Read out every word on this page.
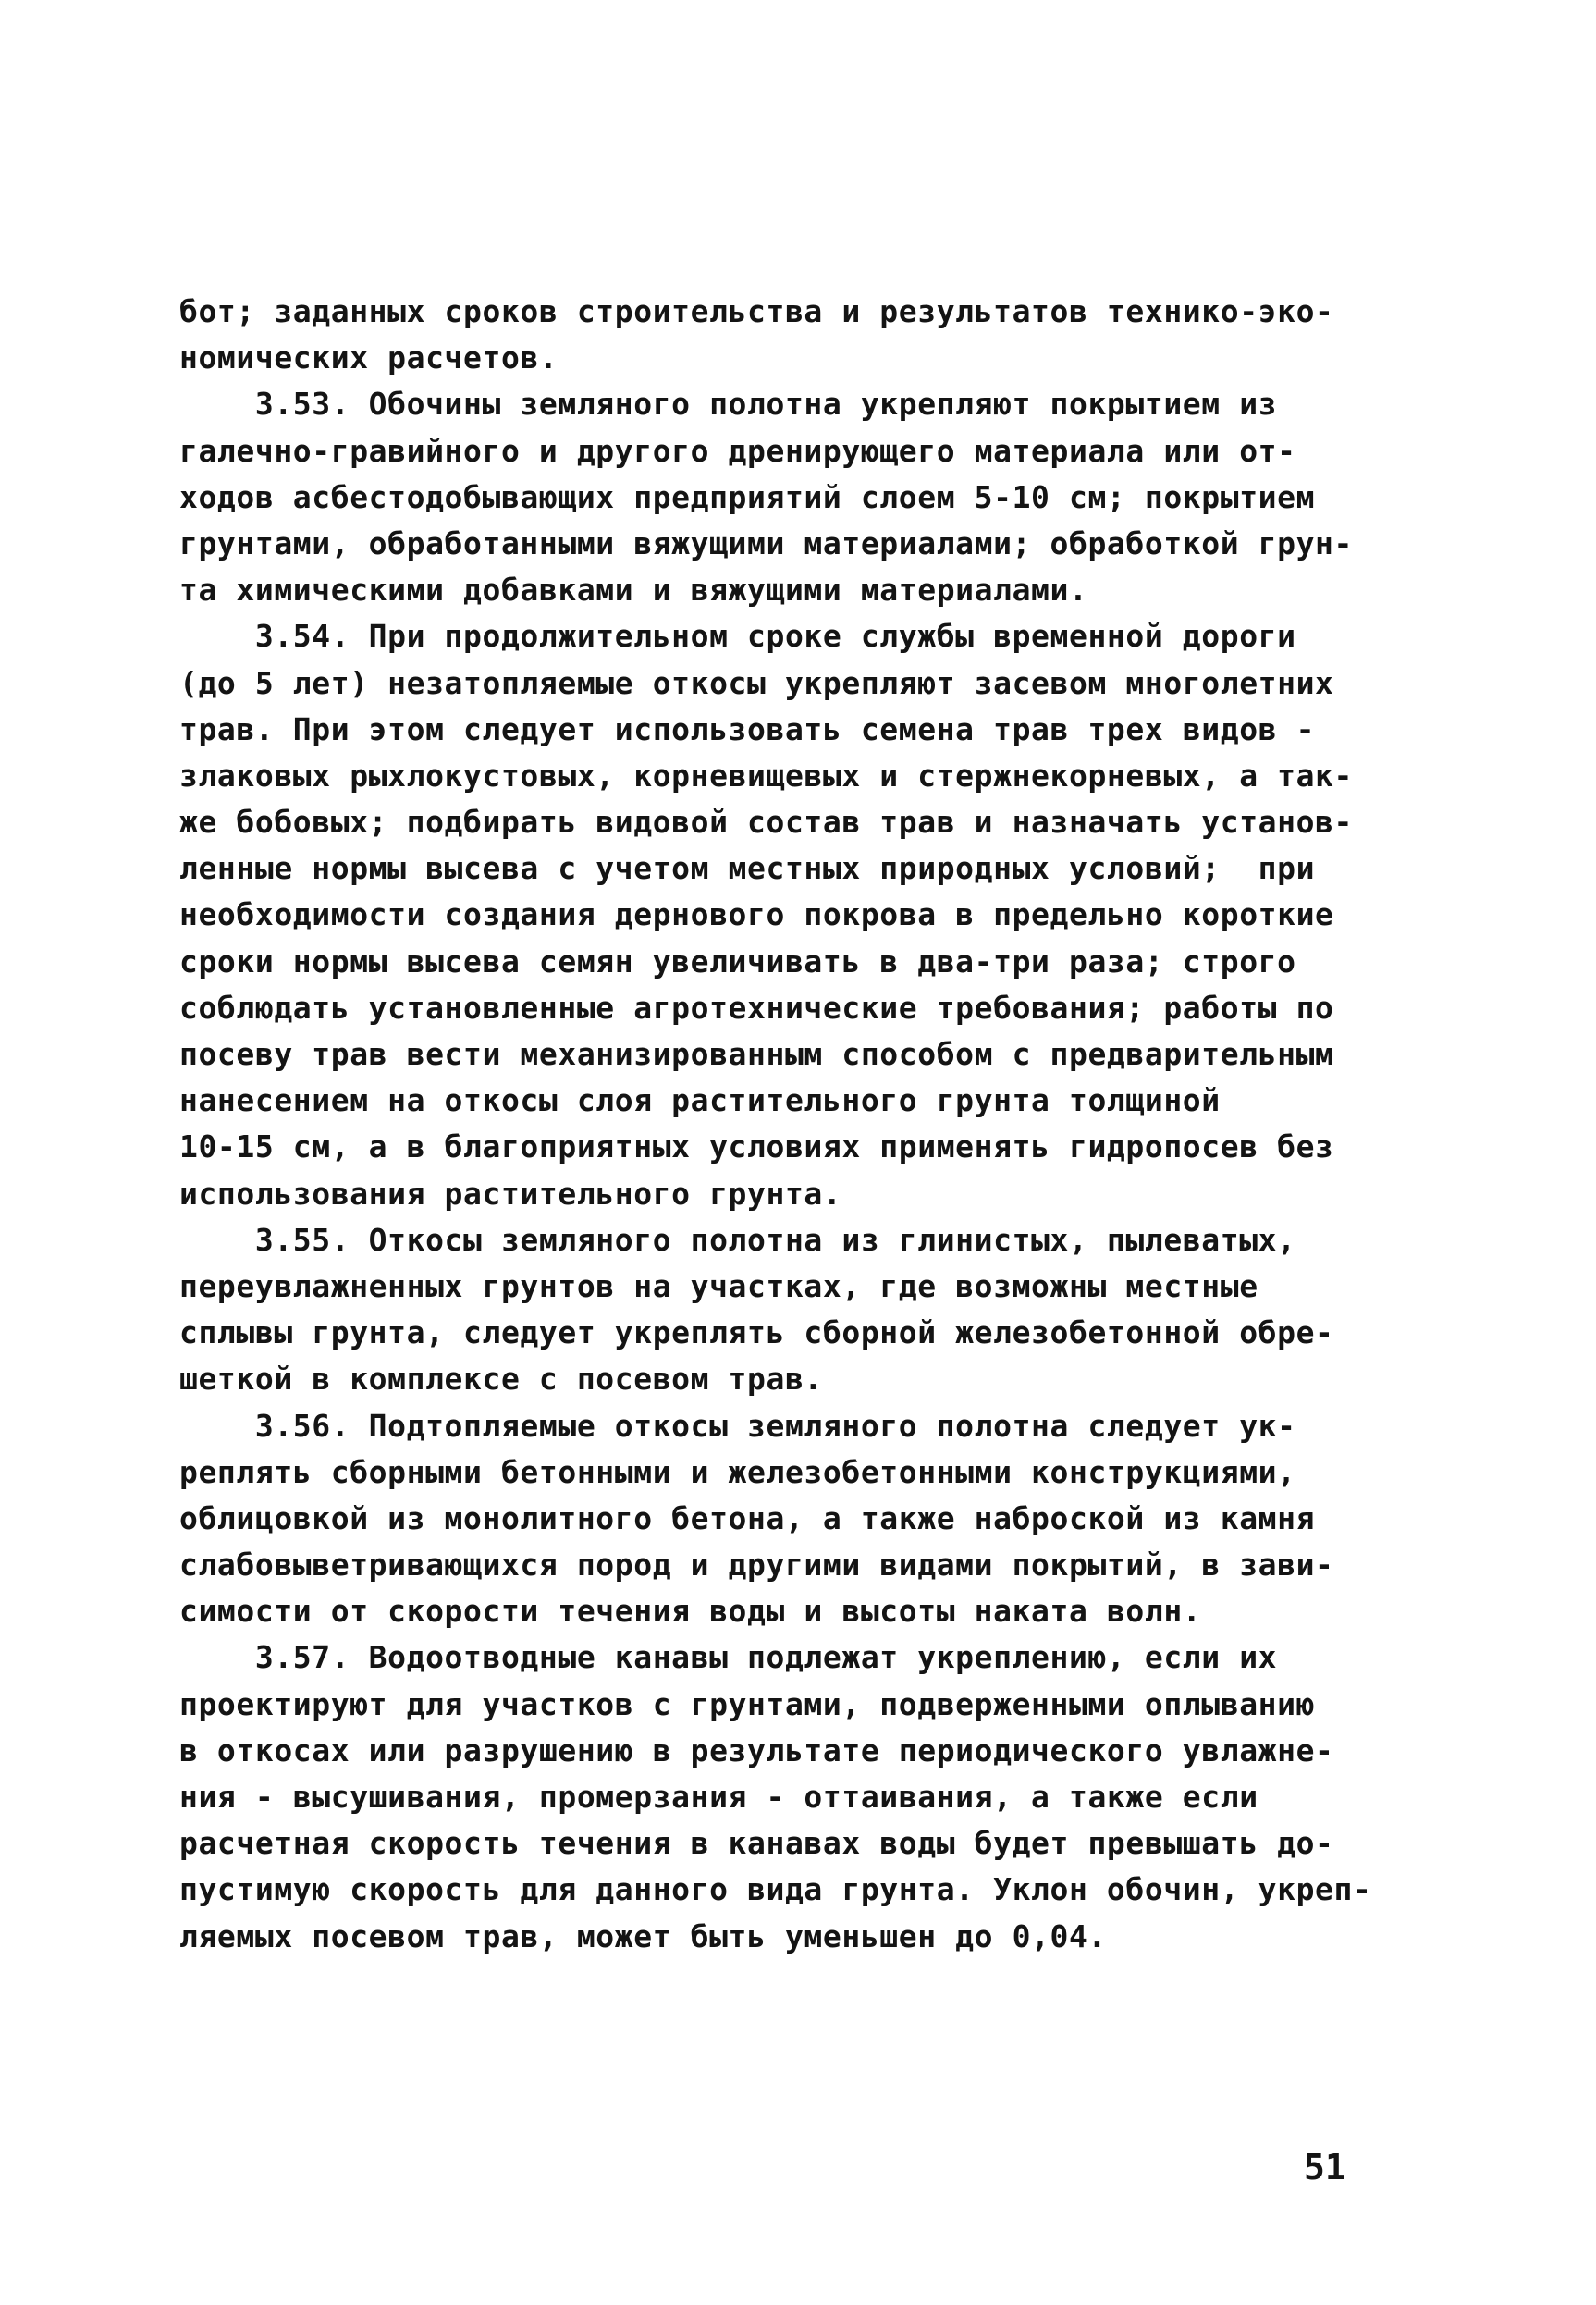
бот; заданных сроков строительства и результатов технико-эко-
номических расчетов.
3.53. Обочины земляного полотна укрепляют покрытием из
галечно-гравийного и другого дренирующего материала или от-
ходов асбестодобывающих предприятий слоем 5-10 см; покрытием
грунтами, обработанными вяжущими материалами; обработкой грун-
та химическими добавками и вяжущими материалами.
3.54. При продолжительном сроке службы временной дороги
(до 5 лет) незатопляемые откосы укрепляют засевом многолетних
трав. При этом следует использовать семена трав трех видов -
злаковых рыхлокустовых, корневищевых и стержнекорневых, а так-
же бобовых; подбирать видовой состав трав и назначать установ-
ленные нормы высева с учетом местных природных условий;  при
необходимости создания дернового покрова в предельно короткие
сроки нормы высева семян увеличивать в два-три раза; строго
соблюдать установленные агротехнические требования; работы по
посеву трав вести механизированным способом с предварительным
нанесением на откосы слоя растительного грунта толщиной
10-15 см, а в благоприятных условиях применять гидропосев без
использования растительного грунта.
3.55. Откосы земляного полотна из глинистых, пылеватых,
переувлажненных грунтов на участках, где возможны местные
сплывы грунта, следует укреплять сборной железобетонной обре-
шеткой в комплексе с посевом трав.
3.56. Подтопляемые откосы земляного полотна следует ук-
реплять сборными бетонными и железобетонными конструкциями,
облицовкой из монолитного бетона, а также наброской из камня
слабовыветривающихся пород и другими видами покрытий, в зави-
симости от скорости течения воды и высоты наката волн.
3.57. Водоотводные канавы подлежат укреплению, если их
проектируют для участков с грунтами, подверженными оплыванию
в откосах или разрушению в результате периодического увлажне-
ния - высушивания, промерзания - оттаивания, а также если
расчетная скорость течения в канавах воды будет превышать до-
пустимую скорость для данного вида грунта. Уклон обочин, укреп-
ляемых посевом трав, может быть уменьшен до 0,04.
51
